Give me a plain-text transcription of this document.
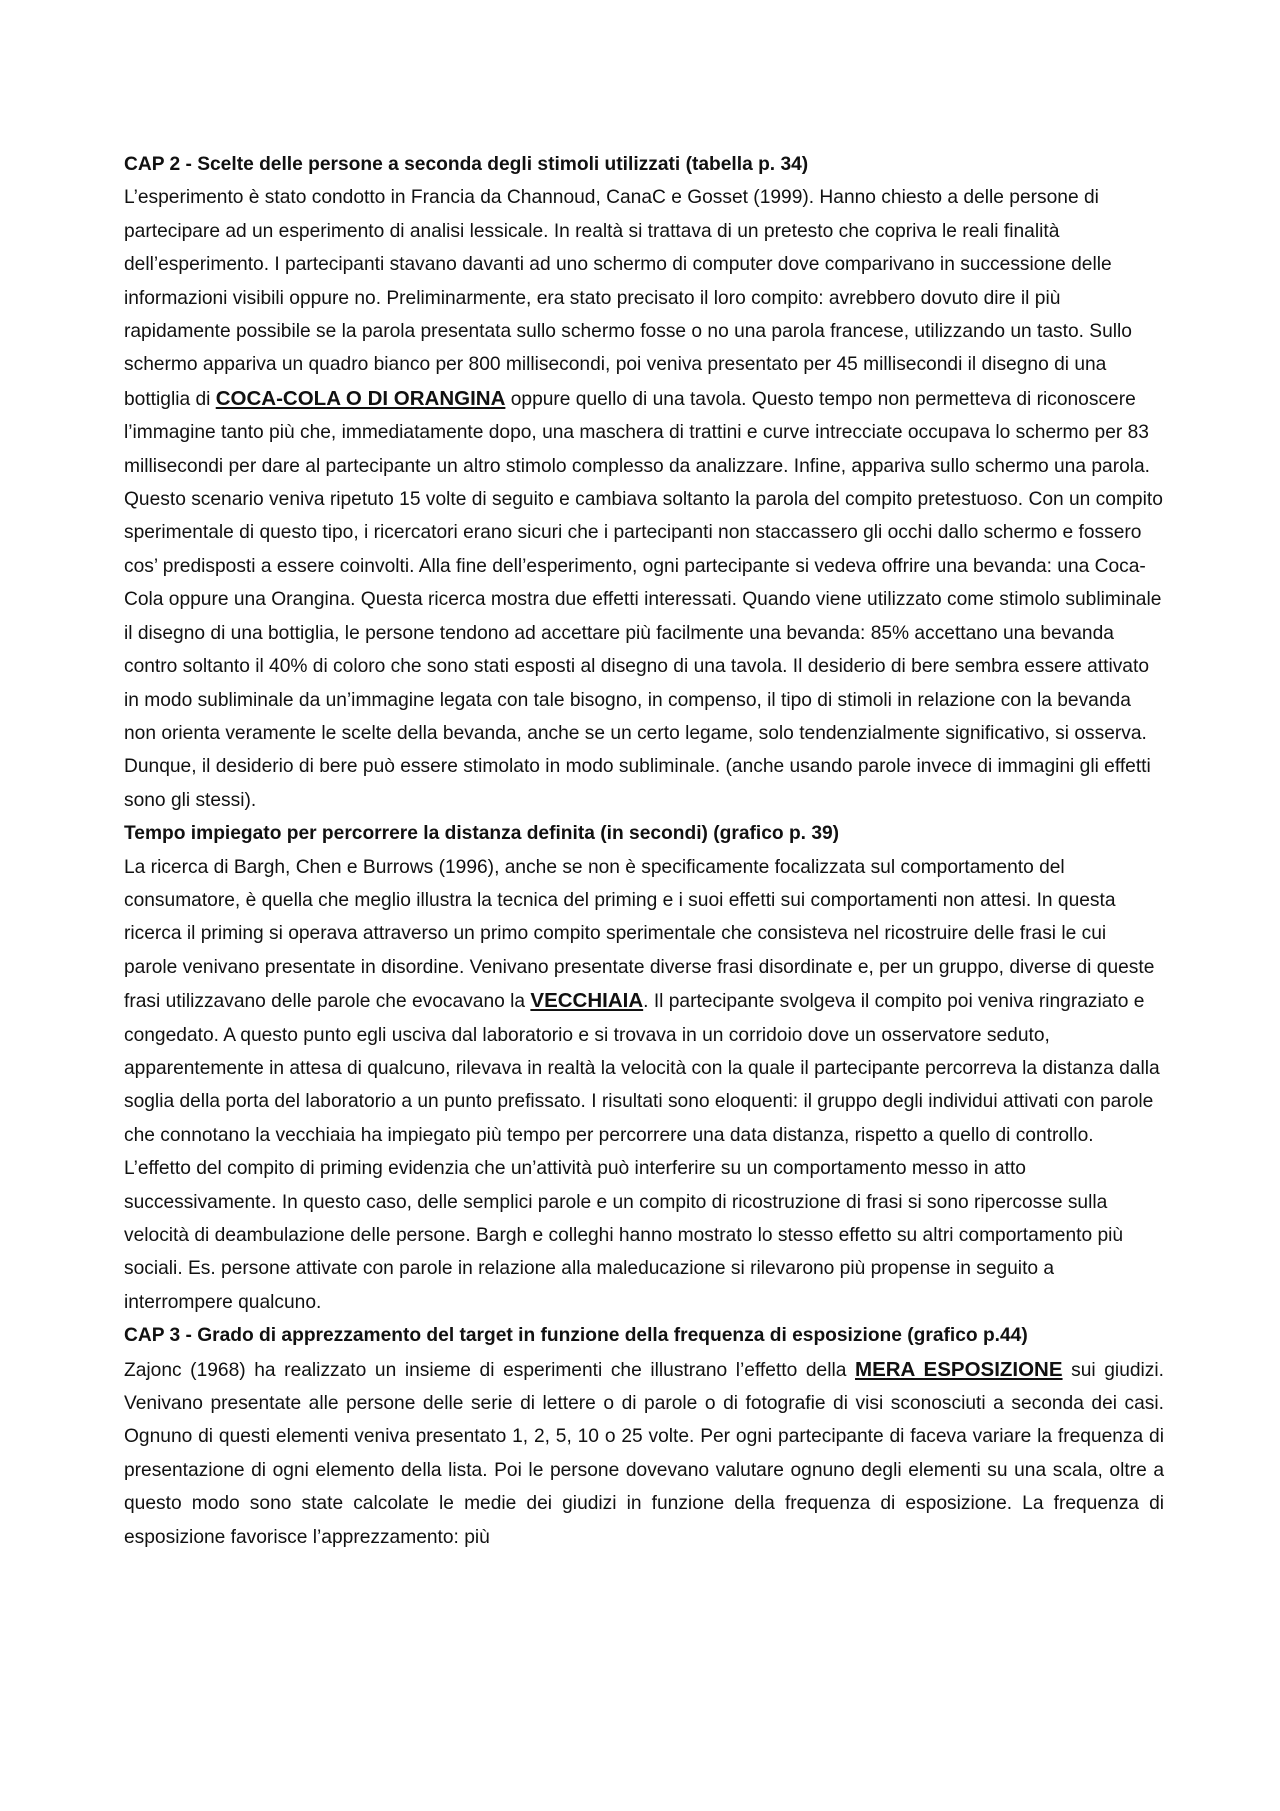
CAP 2 - Scelte delle persone a seconda degli stimoli utilizzati (tabella p. 34)

L’esperimento è stato condotto in Francia da Channoud, CanaC e Gosset (1999). Hanno chiesto a delle persone di partecipare ad un esperimento di analisi lessicale. In realtà si trattava di un pretesto che copriva le reali finalità dell’esperimento. I partecipanti stavano davanti ad uno schermo di computer dove comparivano in successione delle informazioni visibili oppure no. Preliminarmente, era stato precisato il loro compito: avrebbero dovuto dire il più rapidamente possibile se la parola presentata sullo schermo fosse o no una parola francese, utilizzando un tasto. Sullo schermo appariva un quadro bianco per 800 millisecondi, poi veniva presentato per 45 millisecondi il disegno di una bottiglia di COCA-COLA O DI ORANGINA oppure quello di una tavola. Questo tempo non permetteva di riconoscere l’immagine tanto più che, immediatamente dopo, una maschera di trattini e curve intrecciate occupava lo schermo per 83 millisecondi per dare al partecipante un altro stimolo complesso da analizzare. Infine, appariva sullo schermo una parola. Questo scenario veniva ripetuto 15 volte di seguito e cambiava soltanto la parola del compito pretestuoso. Con un compito sperimentale di questo tipo, i ricercatori erano sicuri che i partecipanti non staccassero gli occhi dallo schermo e fossero cos’ predisposti a essere coinvolti. Alla fine dell’esperimento, ogni partecipante si vedeva offrire una bevanda: una Coca-Cola oppure una Orangina. Questa ricerca mostra due effetti interessati. Quando viene utilizzato come stimolo subliminale il disegno di una bottiglia, le persone tendono ad accettare più facilmente una bevanda: 85% accettano una bevanda contro soltanto il 40% di coloro che sono stati esposti al disegno di una tavola. Il desiderio di bere sembra essere attivato in modo subliminale da un’immagine legata con tale bisogno, in compenso, il tipo di stimoli in relazione con la bevanda non orienta veramente le scelte della bevanda, anche se un certo legame, solo tendenzialmente significativo, si osserva. Dunque, il desiderio di bere può essere stimolato in modo subliminale. (anche usando parole invece di immagini gli effetti sono gli stessi).

Tempo impiegato per percorrere la distanza definita (in secondi) (grafico p. 39)

La ricerca di Bargh, Chen e Burrows (1996), anche se non è specificamente focalizzata sul comportamento del consumatore, è quella che meglio illustra la tecnica del priming e i suoi effetti sui comportamenti non attesi. In questa ricerca il priming si operava attraverso un primo compito sperimentale che consisteva nel ricostruire delle frasi le cui parole venivano presentate in disordine. Venivano presentate diverse frasi disordinate e, per un gruppo, diverse di queste frasi utilizzavano delle parole che evocavano la VECCHIAIA. Il partecipante svolgeva il compito poi veniva ringraziato e congedato. A questo punto egli usciva dal laboratorio e si trovava in un corridoio dove un osservatore seduto, apparentemente in attesa di qualcuno, rilevava in realtà la velocità con la quale il partecipante percorreva la distanza dalla soglia della porta del laboratorio a un punto prefissato. I risultati sono eloquenti: il gruppo degli individui attivati con parole che connotano la vecchiaia ha impiegato più tempo per percorrere una data distanza, rispetto a quello di controllo. L’effetto del compito di priming evidenzia che un’attività può interferire su un comportamento messo in atto successivamente. In questo caso, delle semplici parole e un compito di ricostruzione di frasi si sono ripercosse sulla velocità di deambulazione delle persone. Bargh e colleghi hanno mostrato lo stesso effetto su altri comportamento più sociali. Es. persone attivate con parole in relazione alla maleducazione si rilevarono più propense in seguito a interrompere qualcuno.

CAP 3 - Grado di apprezzamento del target in funzione della frequenza di esposizione (grafico p.44)

Zajonc (1968) ha realizzato un insieme di esperimenti che illustrano l’effetto della MERA ESPOSIZIONE sui giudizi. Venivano presentate alle persone delle serie di lettere o di parole o di fotografie di visi sconosciuti a seconda dei casi. Ognuno di questi elementi veniva presentato 1, 2, 5, 10 o 25 volte. Per ogni partecipante di faceva variare la frequenza di presentazione di ogni elemento della lista. Poi le persone dovevano valutare ognuno degli elementi su una scala, oltre a questo modo sono state calcolate le medie dei giudizi in funzione della frequenza di esposizione. La frequenza di esposizione favorisce l’apprezzamento: più
